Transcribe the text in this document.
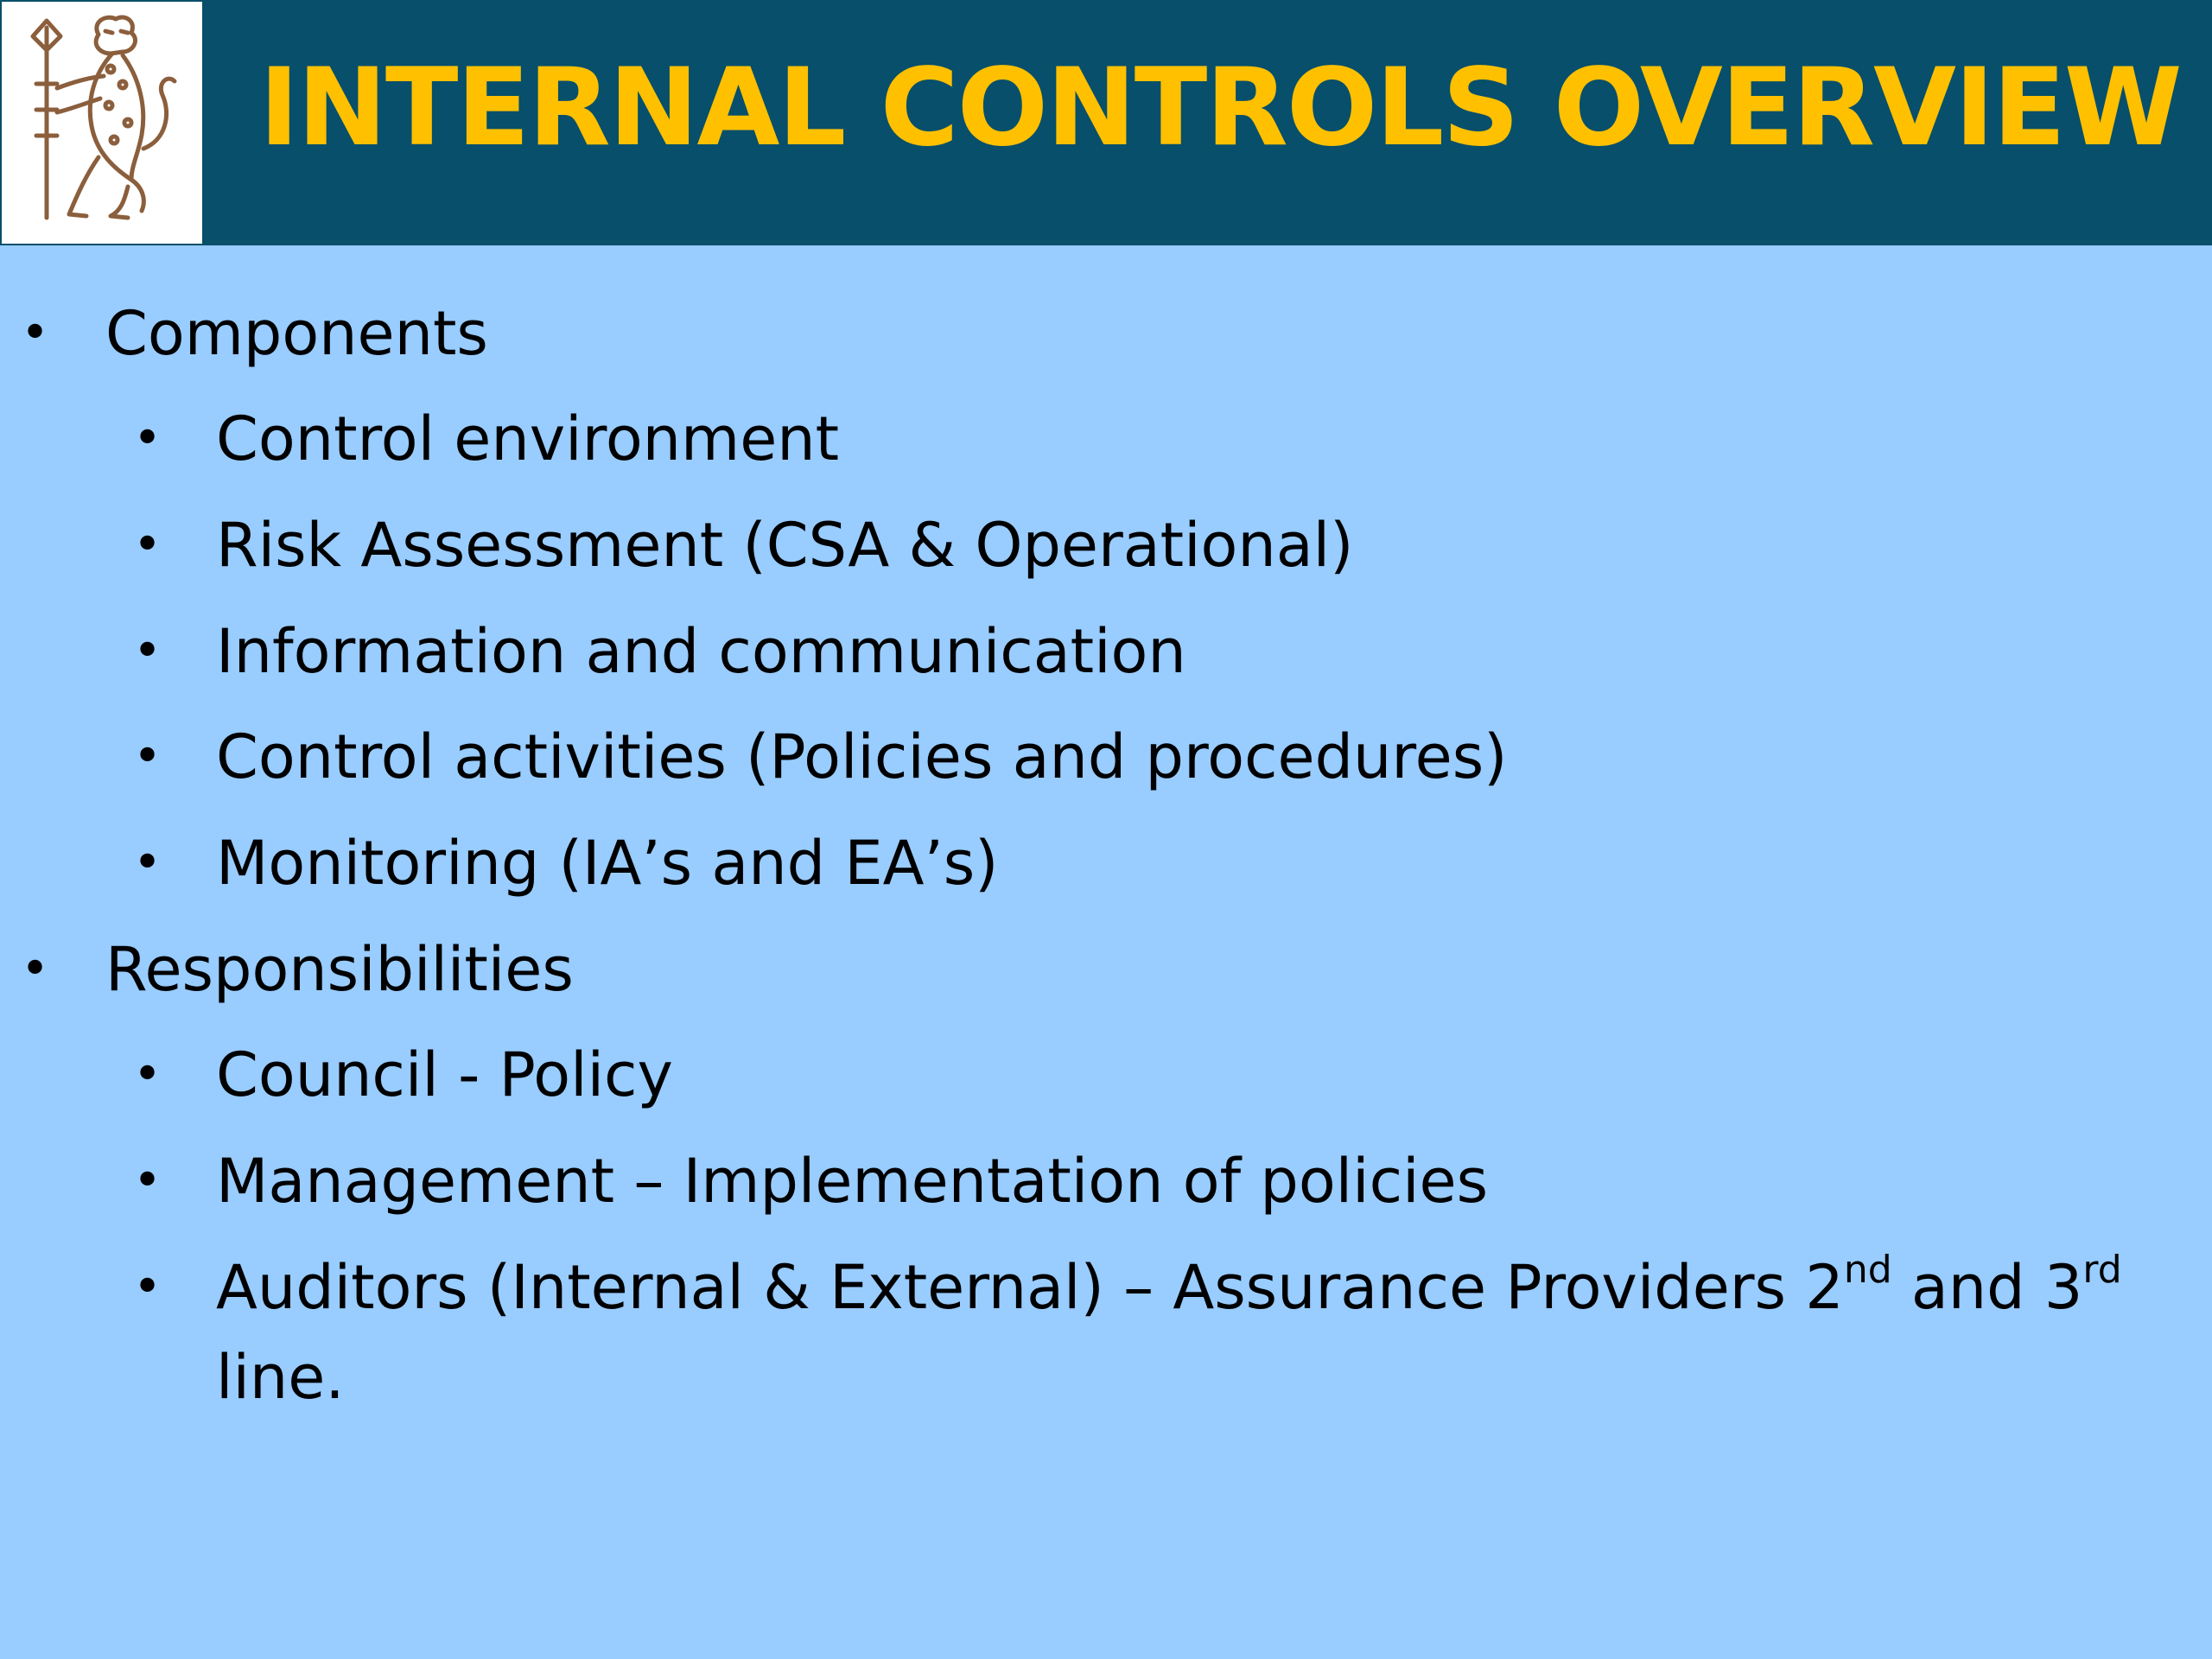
INTERNAL CONTROLS OVERVIEW
• Components
• Control environment
• Risk Assessment (CSA & Operational)
• Information and communication
• Control activities (Policies and procedures)
• Monitoring (IA’s and EA’s)
• Responsibilities
• Council - Policy
• Management – Implementation of policies
• Auditors (Internal & External) – Assurance Providers 2nd and 3rd line.
